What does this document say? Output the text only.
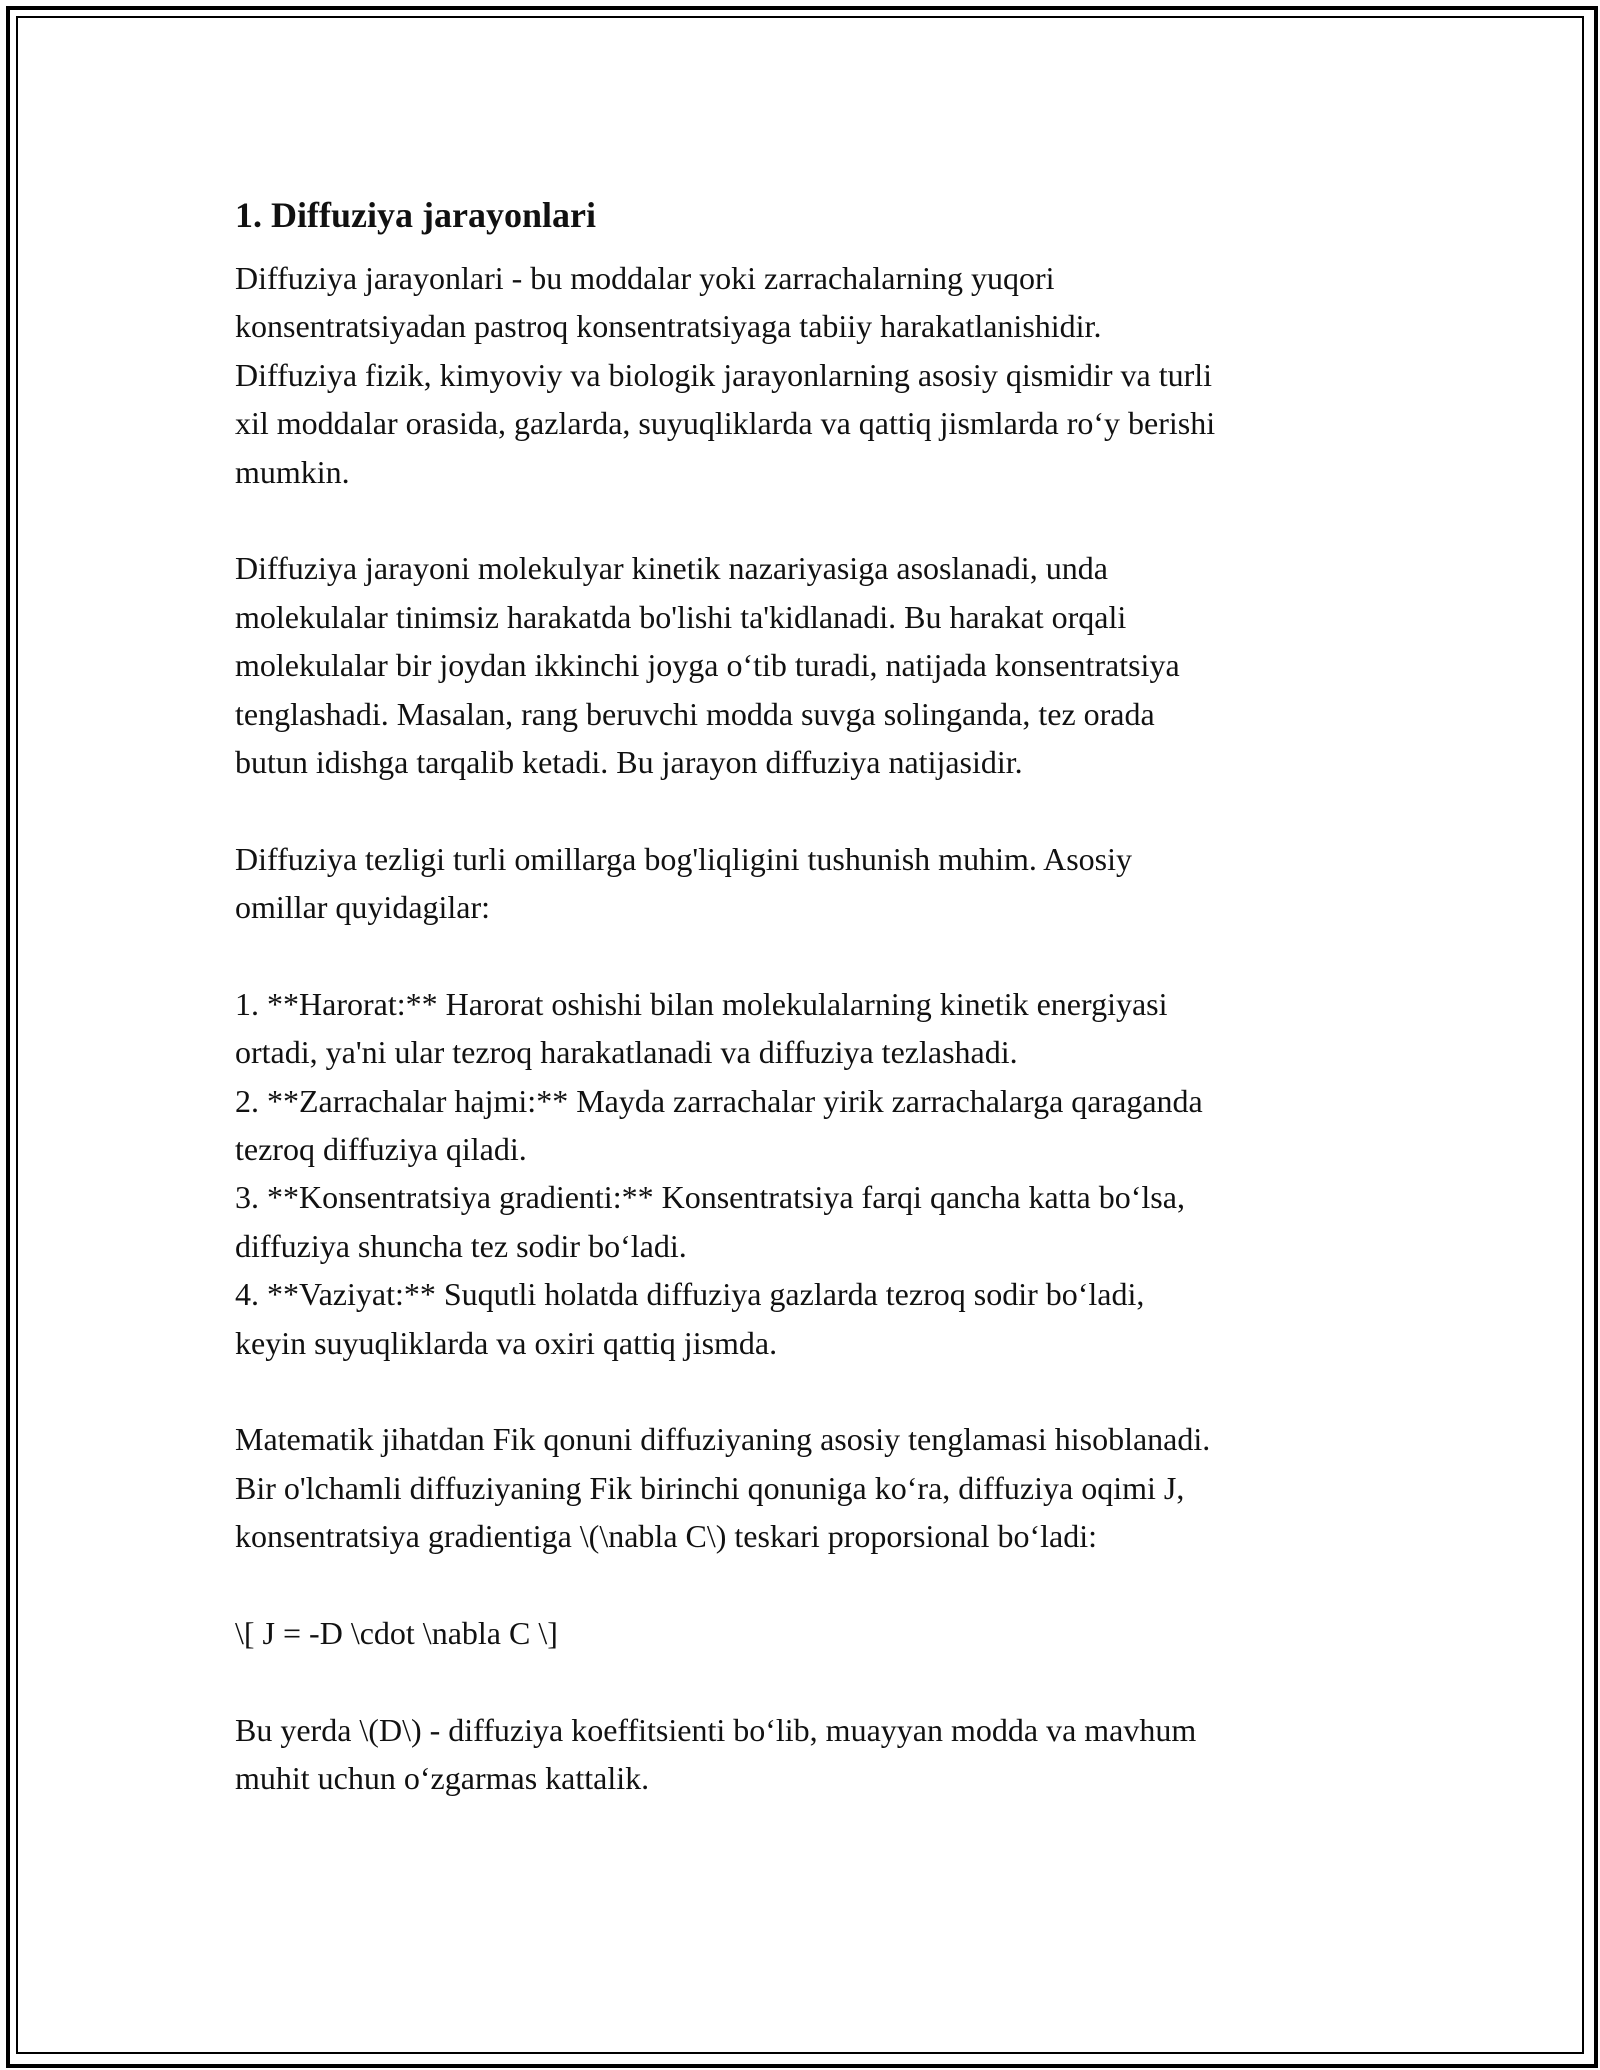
1. Diffuziya jarayonlari
Diffuziya jarayonlari - bu moddalar yoki zarrachalarning yuqori
konsentratsiyadan pastroq konsentratsiyaga tabiiy harakatlanishidir.
Diffuziya fizik, kimyoviy va biologik jarayonlarning asosiy qismidir va turli
xil moddalar orasida, gazlarda, suyuqliklarda va qattiq jismlarda ro‘y berishi
mumkin.
Diffuziya jarayoni molekulyar kinetik nazariyasiga asoslanadi, unda
molekulalar tinimsiz harakatda bo'lishi ta'kidlanadi. Bu harakat orqali
molekulalar bir joydan ikkinchi joyga o‘tib turadi, natijada konsentratsiya
tenglashadi. Masalan, rang beruvchi modda suvga solinganda, tez orada
butun idishga tarqalib ketadi. Bu jarayon diffuziya natijasidir.
Diffuziya tezligi turli omillarga bog'liqligini tushunish muhim. Asosiy
omillar quyidagilar:
1. **Harorat:** Harorat oshishi bilan molekulalarning kinetik energiyasi
ortadi, ya'ni ular tezroq harakatlanadi va diffuziya tezlashadi.
2. **Zarrachalar hajmi:** Mayda zarrachalar yirik zarrachalarga qaraganda
tezroq diffuziya qiladi.
3. **Konsentratsiya gradienti:** Konsentratsiya farqi qancha katta bo‘lsa,
diffuziya shuncha tez sodir bo‘ladi.
4. **Vaziyat:** Suqutli holatda diffuziya gazlarda tezroq sodir bo‘ladi,
keyin suyuqliklarda va oxiri qattiq jismda.
Matematik jihatdan Fik qonuni diffuziyaning asosiy tenglamasi hisoblanadi.
Bir o'lchamli diffuziyaning Fik birinchi qonuniga ko‘ra, diffuziya oqimi J,
konsentratsiya gradientiga \(\nabla C\) teskari proporsional bo‘ladi:
\[ J = -D \cdot \nabla C \]
Bu yerda \(D\) - diffuziya koeffitsienti bo‘lib, muayyan modda va mavhum
muhit uchun o‘zgarmas kattalik.
